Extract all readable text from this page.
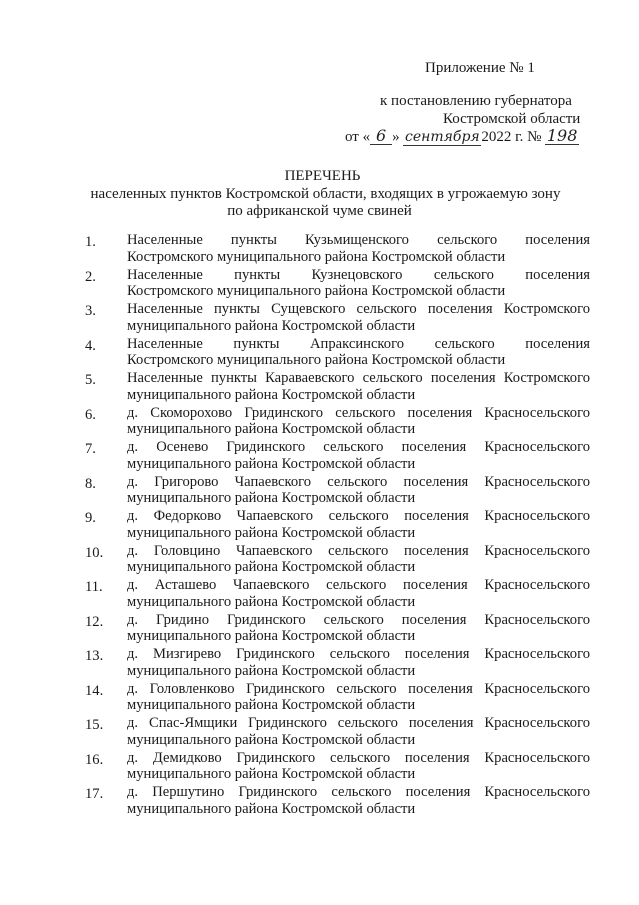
Приложение № 1
к постановлению губернатора
Костромской области
от « 6 » сентября 2022 г. № 198
ПЕРЕЧЕНЬ
населенных пунктов Костромской области, входящих в угрожаемую зону
по африканской чуме свиней
1.	Населенные пункты Кузьмищенского сельского поселения
Костромского муниципального района Костромской области
2.	Населенные пункты Кузнецовского сельского поселения
Костромского муниципального района Костромской области
3.	Населенные пункты Сущевского сельского поселения Костромского
муниципального района Костромской области
4.	Населенные пункты Апраксинского сельского поселения
Костромского муниципального района Костромской области
5.	Населенные пункты Караваевского сельского поселения Костромского
муниципального района Костромской области
6.	д. Скоморохово Гридинского сельского поселения Красносельского
муниципального района Костромской области
7.	д. Осенево Гридинского сельского поселения Красносельского
муниципального района Костромской области
8.	д. Григорово Чапаевского сельского поселения Красносельского
муниципального района Костромской области
9.	д. Федорково Чапаевского сельского поселения Красносельского
муниципального района Костромской области
10.	д. Головцино Чапаевского сельского поселения Красносельского
муниципального района Костромской области
11.	д. Асташево Чапаевского сельского поселения Красносельского
муниципального района Костромской области
12.	д. Гридино Гридинского сельского поселения Красносельского
муниципального района Костромской области
13.	д. Мизгирево Гридинского сельского поселения Красносельского
муниципального района Костромской области
14.	д. Головленково Гридинского сельского поселения Красносельского
муниципального района Костромской области
15.	д. Спас-Ямщики Гридинского сельского поселения Красносельского
муниципального района Костромской области
16.	д. Демидково Гридинского сельского поселения Красносельского
муниципального района Костромской области
17.	д. Першутино Гридинского сельского поселения Красносельского
муниципального района Костромской области
